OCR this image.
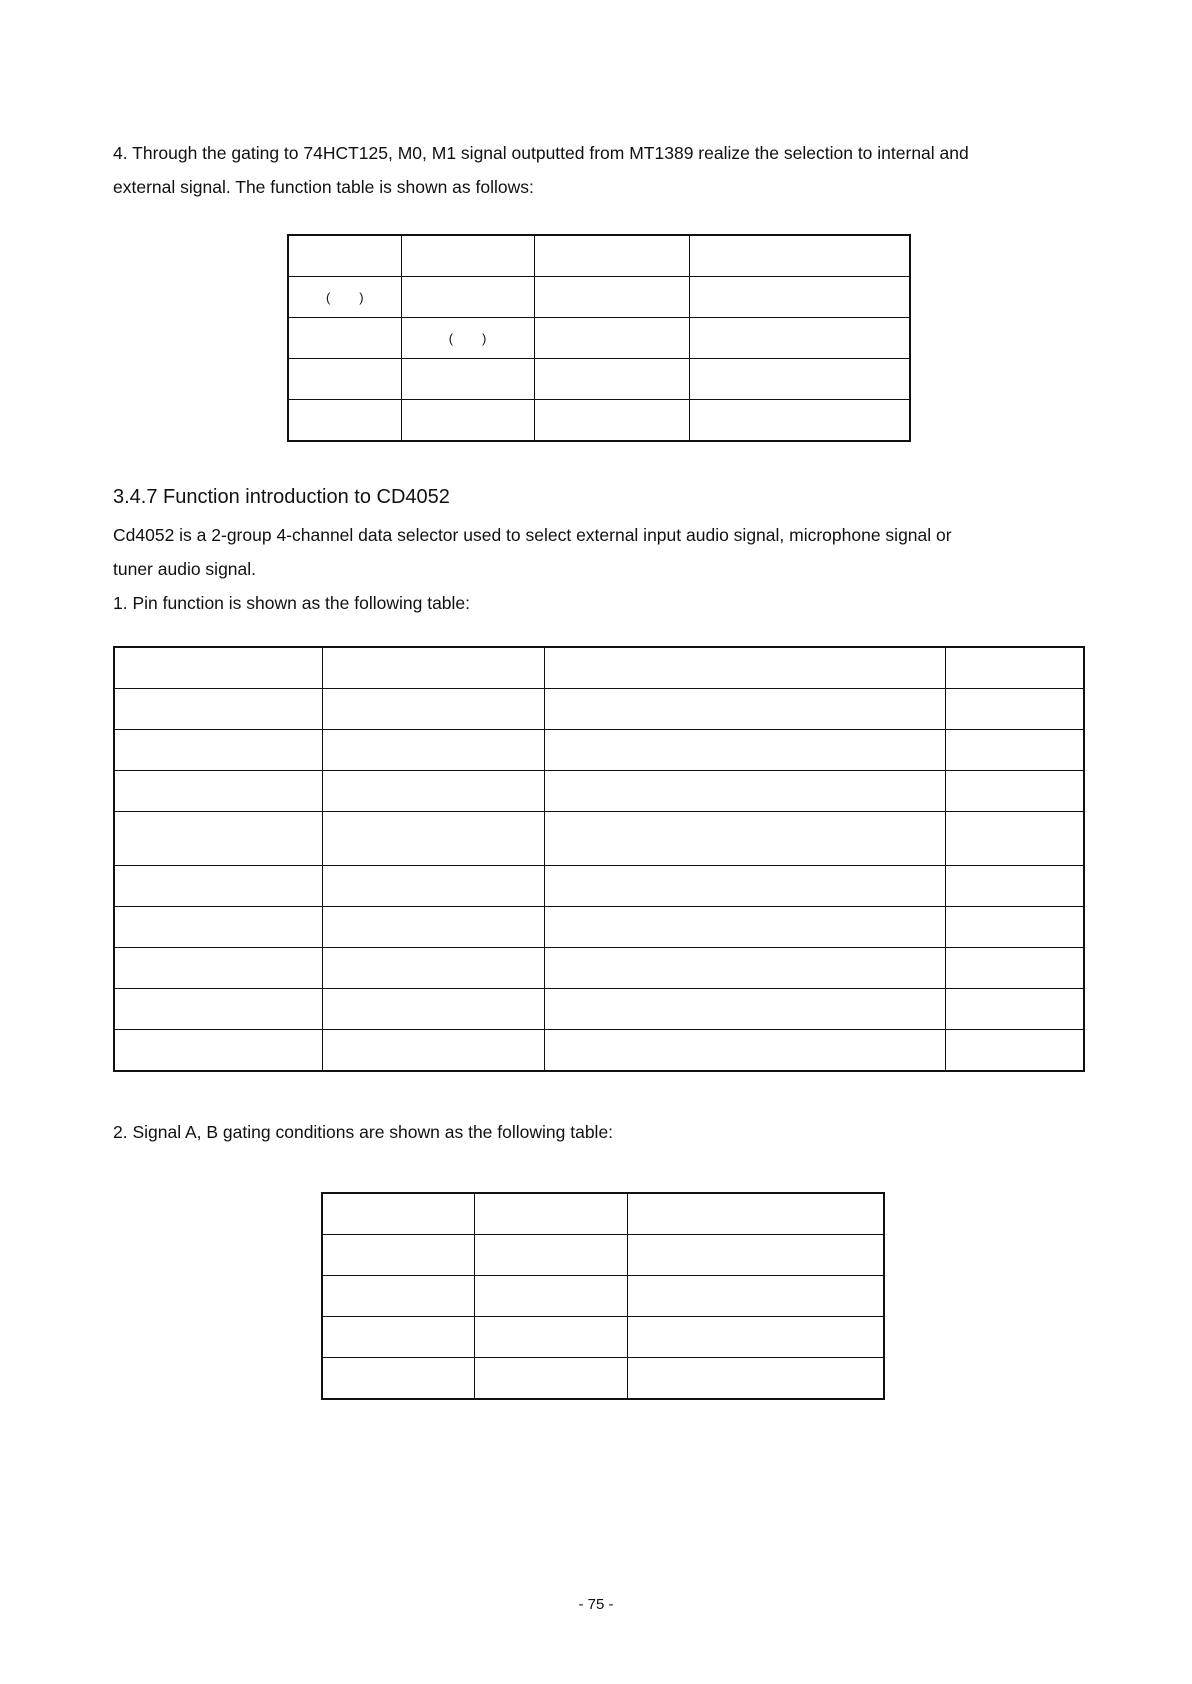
4. Through the gating to 74HCT125, M0, M1 signal outputted from MT1389 realize the selection to internal and
external signal. The function table is shown as follows:

( )			
	( )		

3.4.7 Function introduction to CD4052

Cd4052 is a 2-group 4-channel data selector used to select external input audio signal, microphone signal or
tuner audio signal.
1. Pin function is shown as the following table:

2. Signal A, B gating conditions are shown as the following table:

- 75 -
